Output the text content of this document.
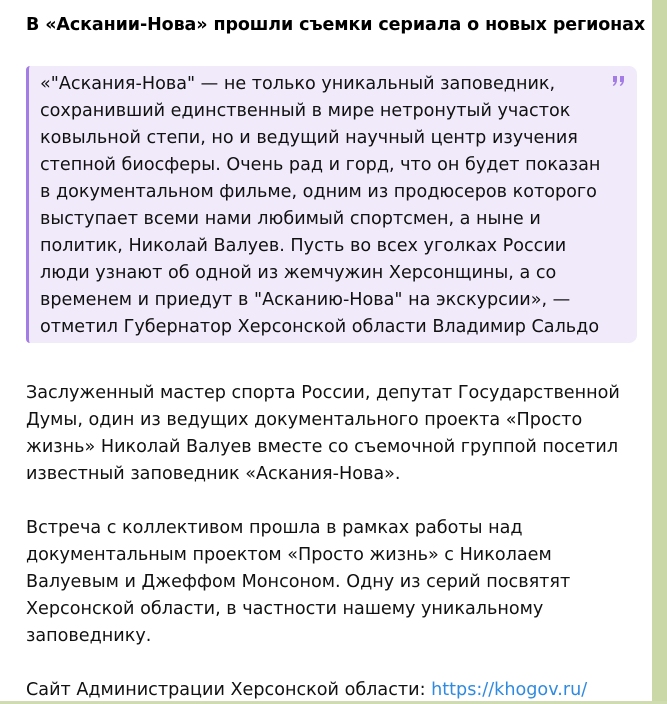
В «Аскании-Нова» прошли съемки сериала о новых регионах
«"Аскания-Нова" — не только уникальный заповедник, сохранивший единственный в мире нетронутый участок ковыльной степи, но и ведущий научный центр изучения степной биосферы. Очень рад и горд, что он будет показан в документальном фильме, одним из продюсеров которого выступает всеми нами любимый спортсмен, а ныне и политик, Николай Валуев. Пусть во всех уголках России люди узнают об одной из жемчужин Херсонщины, а со временем и приедут в "Асканию-Нова" на экскурсии», — отметил Губернатор Херсонской области Владимир Сальдо

Заслуженный мастер спорта России, депутат Государственной Думы, один из ведущих документального проекта «Просто жизнь» Николай Валуев вместе со съемочной группой посетил известный заповедник «Аскания-Нова».

Встреча с коллективом прошла в рамках работы над документальным проектом «Просто жизнь» с Николаем Валуевым и Джеффом Монсоном. Одну из серий посвятят Херсонской области, в частности нашему уникальному заповеднику.

Сайт Администрации Херсонской области: https://khogov.ru/
